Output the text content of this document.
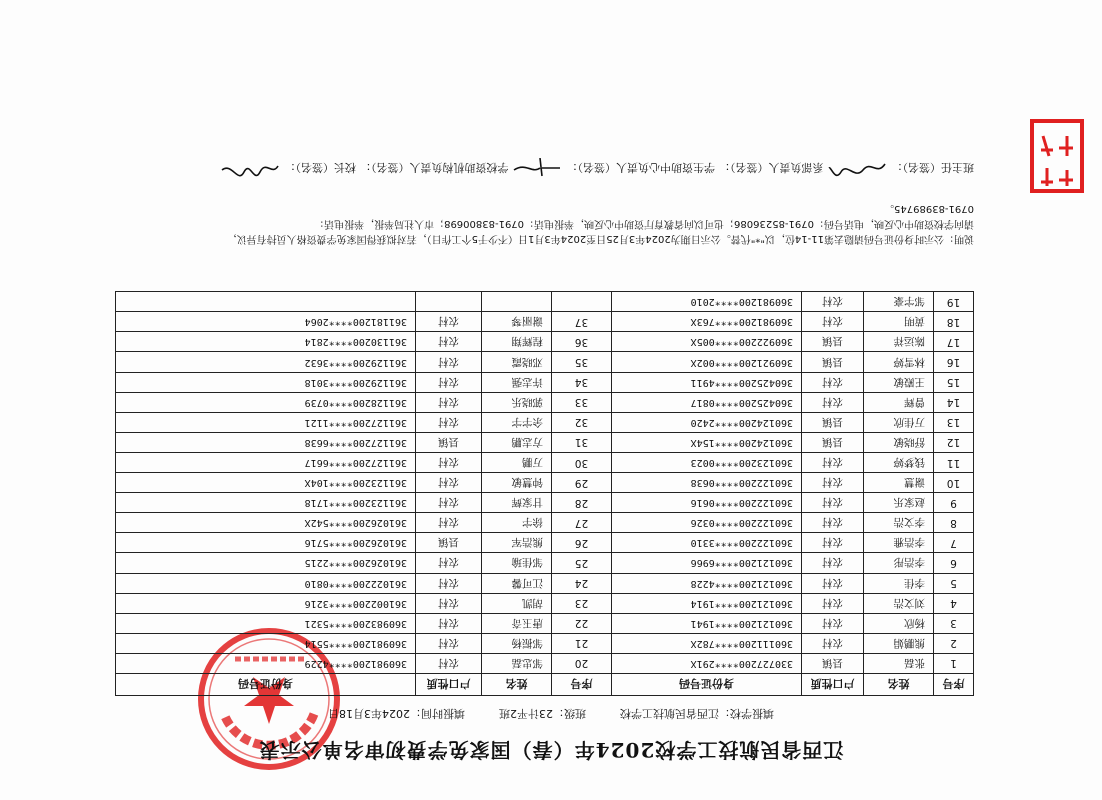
江西省民航技工学校2024年（春）国家免学费初审名单公示表
填报学校：江西省民航技工学校
班级：23计平2班
填报时间：2024年3月18日
序号	姓名	户口性质	身份证号码	序号	姓名	户口性质	身份证号码
1	张磊	县镇	330727200****291X	20	邹忠磊	农村	360981200****4229
2	熊鹏娟	农村	360111200****782X	21	邹振杨	农村	360981200****5514
3	杨欣	农村	360121200****1941	22	唐玉奇	农村	360983200****5321
4	刘文浩	农村	360121200****1914	23	胡凯	农村	361002200****3216
5	李佳	农村	360121200****4228	24	江可馨	农村	361022200****0810
6	李浩彤	农村	360121200****6966	25	邹佳瑜	农村	361026200****2215
7	李浩雅	农村	360122200****3310	26	熊浩军	县镇	361026200****5716
8	李文浩	农村	360122200****0326	27	徐宇	农村	361026200****542X
9	赵家乐	农村	360122200****0616	28	甘家辉	农村	361123200****1718
10	谢慧	农村	360122200****0638	29	钟慧敏	农村	361123200****104X
11	钱梦婷	农村	360123200****0023	30	万鹏	农村	361127200****6617
12	舒晓敏	县镇	360124200****154X	31	方志鹏	县镇	361127200****6638
13	万佳欣	县镇	360124200****2420	32	余宇宇	农村	361127200****1121
14	曾辉	农村	360425200****0817	33	郭晓乐	农村	361128200****0739
15	王殿敏	农村	360425200****4911	34	许志强	农村	361129200****3018
16	林雪婷	县镇	360921200****002X	35	邓晓霞	农村	361129200****3632
17	陈运祥	县镇	360922200****005X	36	程辉翔	农村	361130200****2814
18	黄明	农村	360981200****763X	37	谢丽琴	农村	361181200****2064
19	邹宇豪	农村	360981200****2010				
说明：公示时身份证号码请隐去第11-14位，以"*"代替。公示日期为2024年3月25日至2024年3月1日（不少于5个工作日），若对拟获得国家免学费资格人员持有异议，
请向学校资助中心反映，电话号码：0791-85236086；也可以向省教育厅资助中心反映，举报电话：0791-83800698；市人社局举报，举报电话：
0791-83989745。
班主任（签名）：
系部负责人（签名）：
学生资助中心负责人（签名）：
学校资助机构负责人（签名）：
校长（签名）：
